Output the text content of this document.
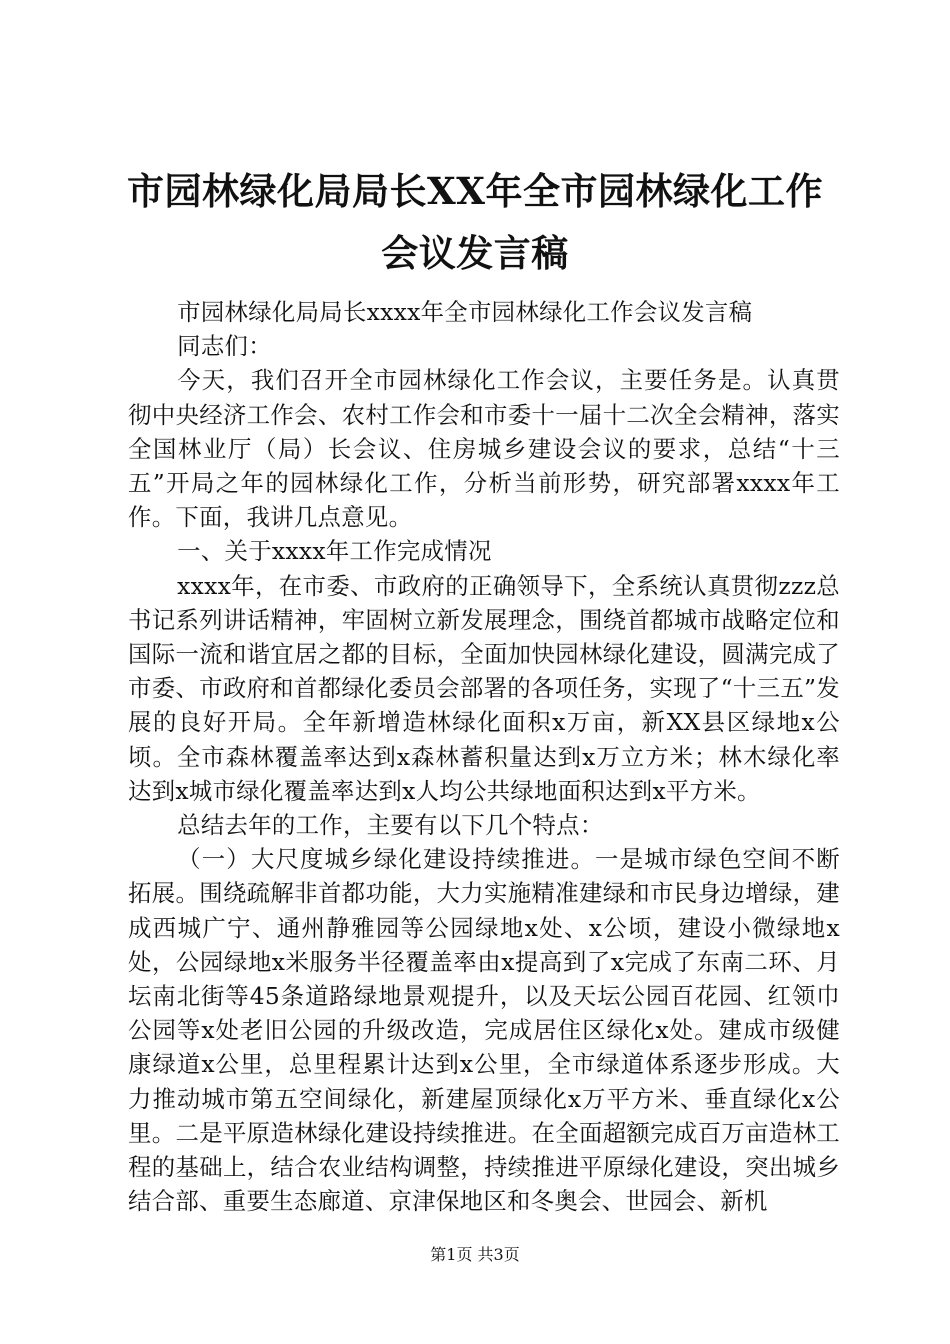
市园林绿化局局长XX年全市园林绿化工作会议发言稿

市园林绿化局局长xxxx年全市园林绿化工作会议发言稿

同志们：

今天，我们召开全市园林绿化工作会议，主要任务是。认真贯彻中央经济工作会、农村工作会和市委十一届十二次全会精神，落实全国林业厅（局）长会议、住房城乡建设会议的要求，总结“十三五”开局之年的园林绿化工作，分析当前形势，研究部署xxxx年工作。下面，我讲几点意见。

一、关于xxxx年工作完成情况

xxxx年，在市委、市政府的正确领导下，全系统认真贯彻zzz总书记系列讲话精神，牢固树立新发展理念，围绕首都城市战略定位和国际一流和谐宜居之都的目标，全面加快园林绿化建设，圆满完成了市委、市政府和首都绿化委员会部署的各项任务，实现了“十三五”发展的良好开局。全年新增造林绿化面积x万亩，新XX县区绿地x公顷。全市森林覆盖率达到x森林蓄积量达到x万立方米；林木绿化率达到x城市绿化覆盖率达到x人均公共绿地面积达到x平方米。

总结去年的工作，主要有以下几个特点：

（一）大尺度城乡绿化建设持续推进。一是城市绿色空间不断拓展。围绕疏解非首都功能，大力实施精准建绿和市民身边增绿，建成西城广宁、通州静雅园等公园绿地x处、x公顷，建设小微绿地x处，公园绿地x米服务半径覆盖率由x提高到了x完成了东南二环、月坛南北街等45条道路绿地景观提升，以及天坛公园百花园、红领巾公园等x处老旧公园的升级改造，完成居住区绿化x处。建成市级健康绿道x公里，总里程累计达到x公里，全市绿道体系逐步形成。大力推动城市第五空间绿化，新建屋顶绿化x万平方米、垂直绿化x公里。二是平原造林绿化建设持续推进。在全面超额完成百万亩造林工程的基础上，结合农业结构调整，持续推进平原绿化建设，突出城乡结合部、重要生态廊道、京津保地区和冬奥会、世园会、新机

第1页 共3页
